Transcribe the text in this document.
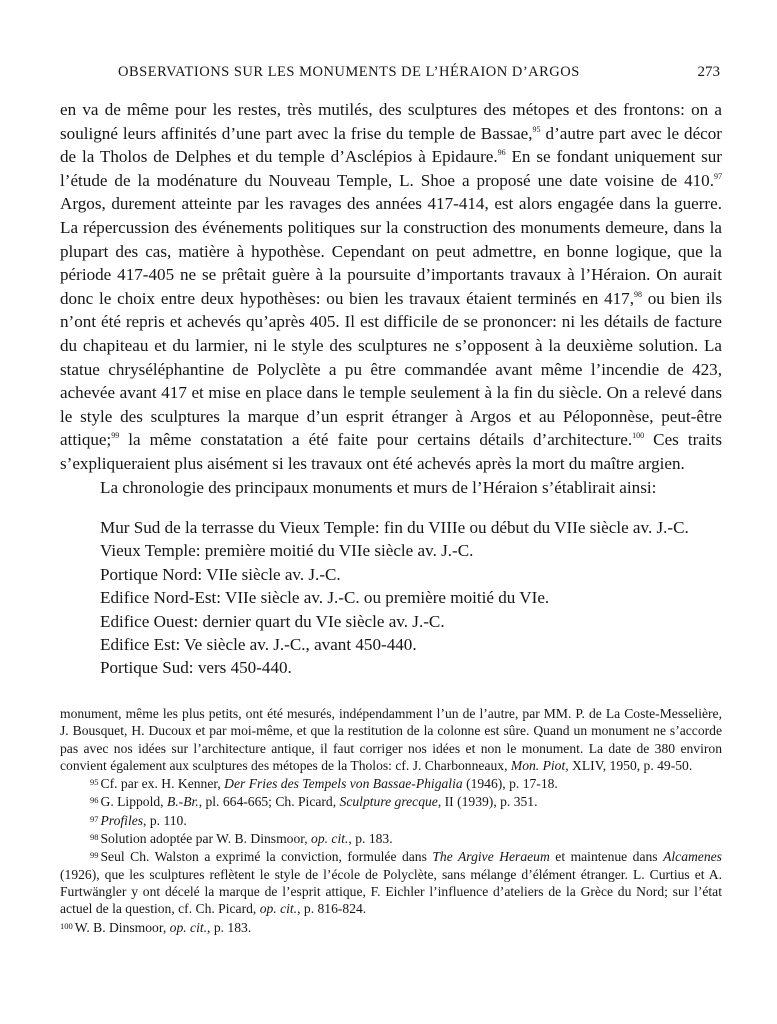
OBSERVATIONS SUR LES MONUMENTS DE L’HÉRAION D’ARGOS	273

en va de même pour les restes, très mutilés, des sculptures des métopes et des frontons: on a souligné leurs affinités d’une part avec la frise du temple de Bassae,$^{95}$ d’autre part avec le décor de la Tholos de Delphes et du temple d’Asclépios à Epidaure.$^{96}$ En se fondant uniquement sur l’étude de la modénature du Nouveau Temple, L. Shoe a proposé une date voisine de 410.97 Argos, durement atteinte par les ravages des années 417-414, est alors engagée dans la guerre. La répercussion des événements politiques sur la construction des monuments demeure, dans la plupart des cas, matière à hypothèse. Cependant on peut admettre, en bonne logique, que la période 417-405 ne se prêtait guère à la poursuite d’importants travaux à l’Héraion. On aurait donc le choix entre deux hypothèses: ou bien les travaux étaient terminés en 417,98 ou bien ils n’ont été repris et achevés qu’après 405. Il est difficile de se prononcer: ni les détails de facture du chapiteau et du larmier, ni le style des sculptures ne s’opposent à la deuxième solution. La statue chryséléphantine de Polyclète a pu être commandée avant même l’incendie de 423, achevée avant 417 et mise en place dans le temple seulement à la fin du siècle. On a relevé dans le style des sculptures la marque d’un esprit étranger à Argos et au Péloponnèse, peut-être attique;$^{99}$ la même constatation a été faite pour certains détails d’architecture.$^{100}$ Ces traits s’expliqueraient plus aisément si les travaux ont été achevés après la mort du maître argien.

La chronologie des principaux monuments et murs de l’Héraion s’établirait ainsi:

Mur Sud de la terrasse du Vieux Temple: fin du VIIIe ou début du VIIe siècle av. J.-C.
Vieux Temple: première moitié du VIIe siècle av. J.-C.
Portique Nord: VIIe siècle av. J.-C.
Edifice Nord-Est: VIIe siècle av. J.-C. ou première moitié du VIe.
Edifice Ouest: dernier quart du VIe siècle av. J.-C.
Edifice Est: Ve siècle av. J.-C., avant 450-440.
Portique Sud: vers 450-440.

monument, même les plus petits, ont été mesurés, indépendamment l’un de l’autre, par MM. P. de La Coste-Messelière, J. Bousquet, H. Ducoux et par moi-même, et que la restitution de la colonne est sûre. Quand un monument ne s’accorde pas avec nos idées sur l’architecture antique, il faut corriger nos idées et non le monument. La date de 380 environ convient également aux sculptures des métopes de la Tholos: cf. J. Charbonneaux, Mon. Piot, XLIV, 1950, p. 49-50.

$^{95}$ Cf. par ex. H. Kenner, Der Fries des Tempels von Bassae-Phigalia (1946), p. 17-18.

$^{96}$ G. Lippold, B.-Br., pl. 664-665; Ch. Picard, Sculpture grecque, II (1939), p. 351.

$^{97}$ Profiles, p. 110.

$^{98}$ Solution adoptée par W. B. Dinsmoor, op. cit., p. 183.

$^{99}$ Seul Ch. Walston a exprimé la conviction, formulée dans The Argive Heraeum et maintenue dans Alcamenes (1926), que les sculptures reflètent le style de l’école de Polyclète, sans mélange d’élément étranger. L. Curtius et A. Furtwängler y ont décelé la marque de l’esprit attique, F. Eichler l’influence d’ateliers de la Grèce du Nord; sur l’état actuel de la question, cf. Ch. Picard, op. cit., p. 816-824.

$^{100}$ W. B. Dinsmoor, op. cit., p. 183.
